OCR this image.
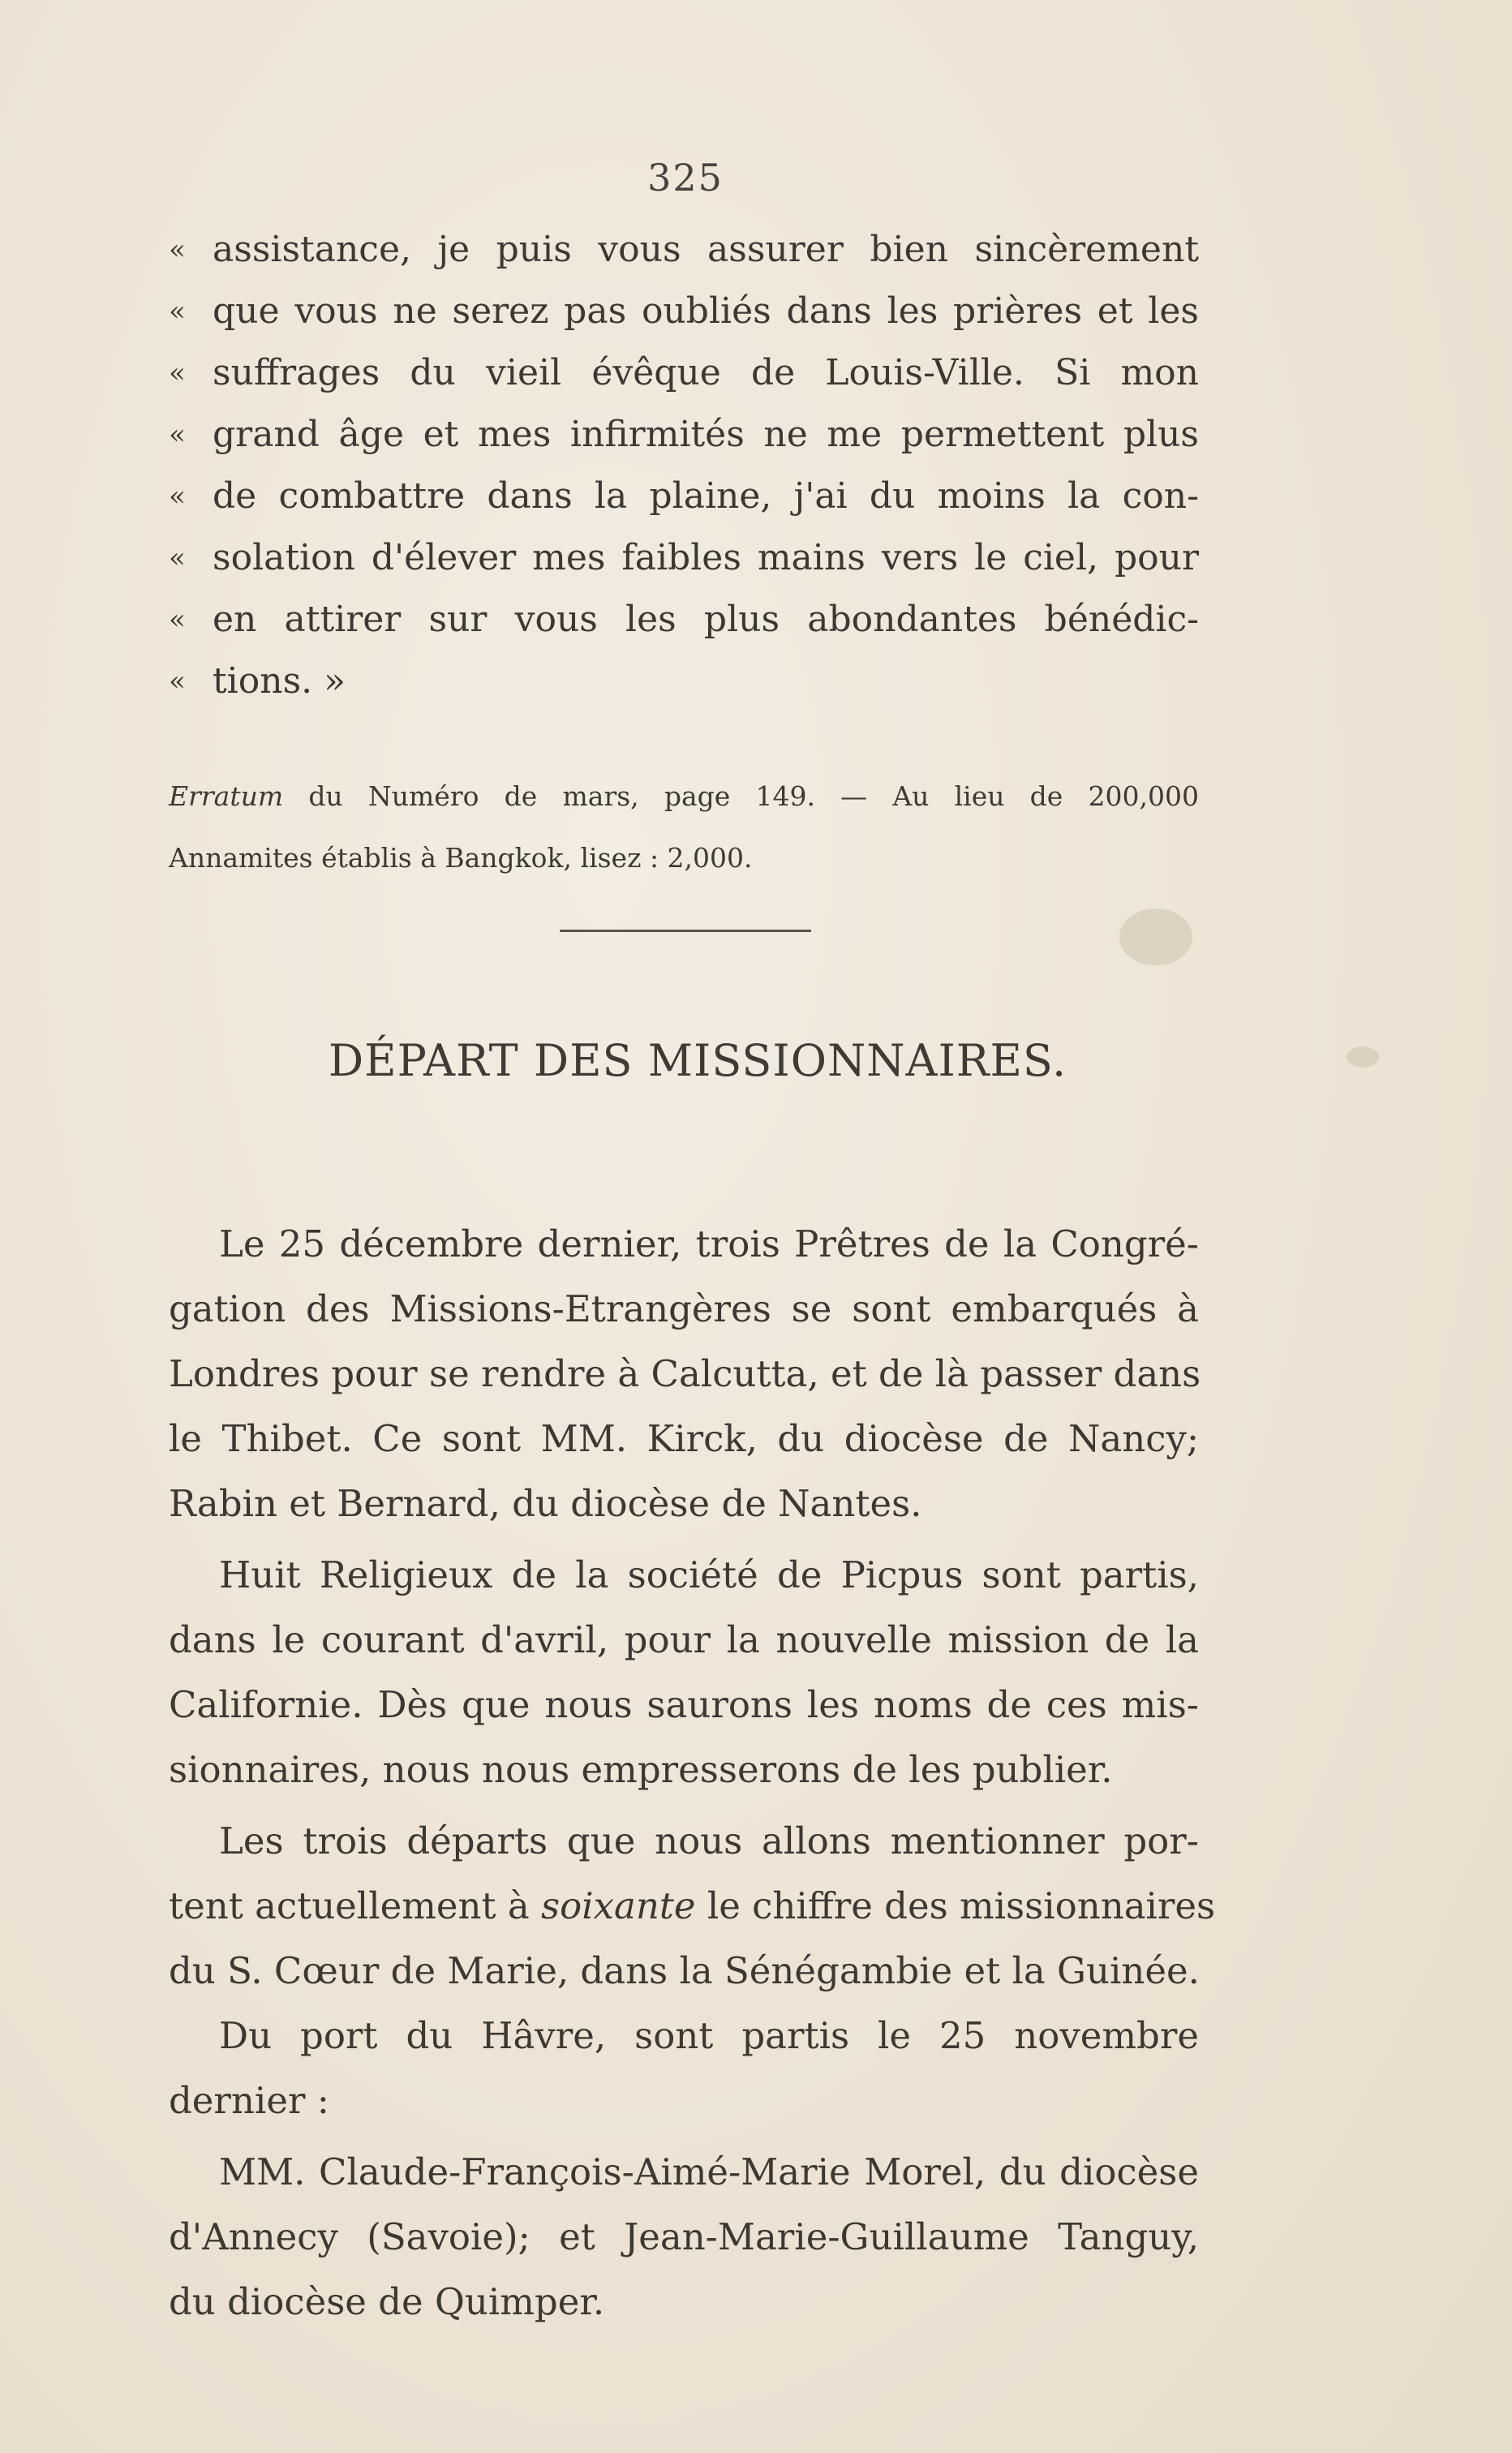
325
« assistance, je puis vous assurer bien sincèrement
« que vous ne serez pas oubliés dans les prières et les
« suffrages du vieil évêque de Louis-Ville. Si mon
« grand âge et mes infirmités ne me permettent plus
« de combattre dans la plaine, j'ai du moins la con-
« solation d'élever mes faibles mains vers le ciel, pour
« en attirer sur vous les plus abondantes bénédic-
« tions. »
Erratum du Numéro de mars, page 149. — Au lieu de 200,000
Annamites établis à Bangkok, lisez : 2,000.
DÉPART DES MISSIONNAIRES.
Le 25 décembre dernier, trois Prêtres de la Congré-
gation des Missions-Etrangères se sont embarqués à
Londres pour se rendre à Calcutta, et de là passer dans
le Thibet. Ce sont MM. Kirck, du diocèse de Nancy;
Rabin et Bernard, du diocèse de Nantes.
Huit Religieux de la société de Picpus sont partis,
dans le courant d'avril, pour la nouvelle mission de la
Californie. Dès que nous saurons les noms de ces mis-
sionnaires, nous nous empresserons de les publier.
Les trois départs que nous allons mentionner por-
tent actuellement à soixante le chiffre des missionnaires
du S. Cœur de Marie, dans la Sénégambie et la Guinée.
Du port du Hâvre, sont partis le 25 novembre
dernier :
MM. Claude-François-Aimé-Marie Morel, du diocèse
d'Annecy (Savoie); et Jean-Marie-Guillaume Tanguy,
du diocèse de Quimper.
